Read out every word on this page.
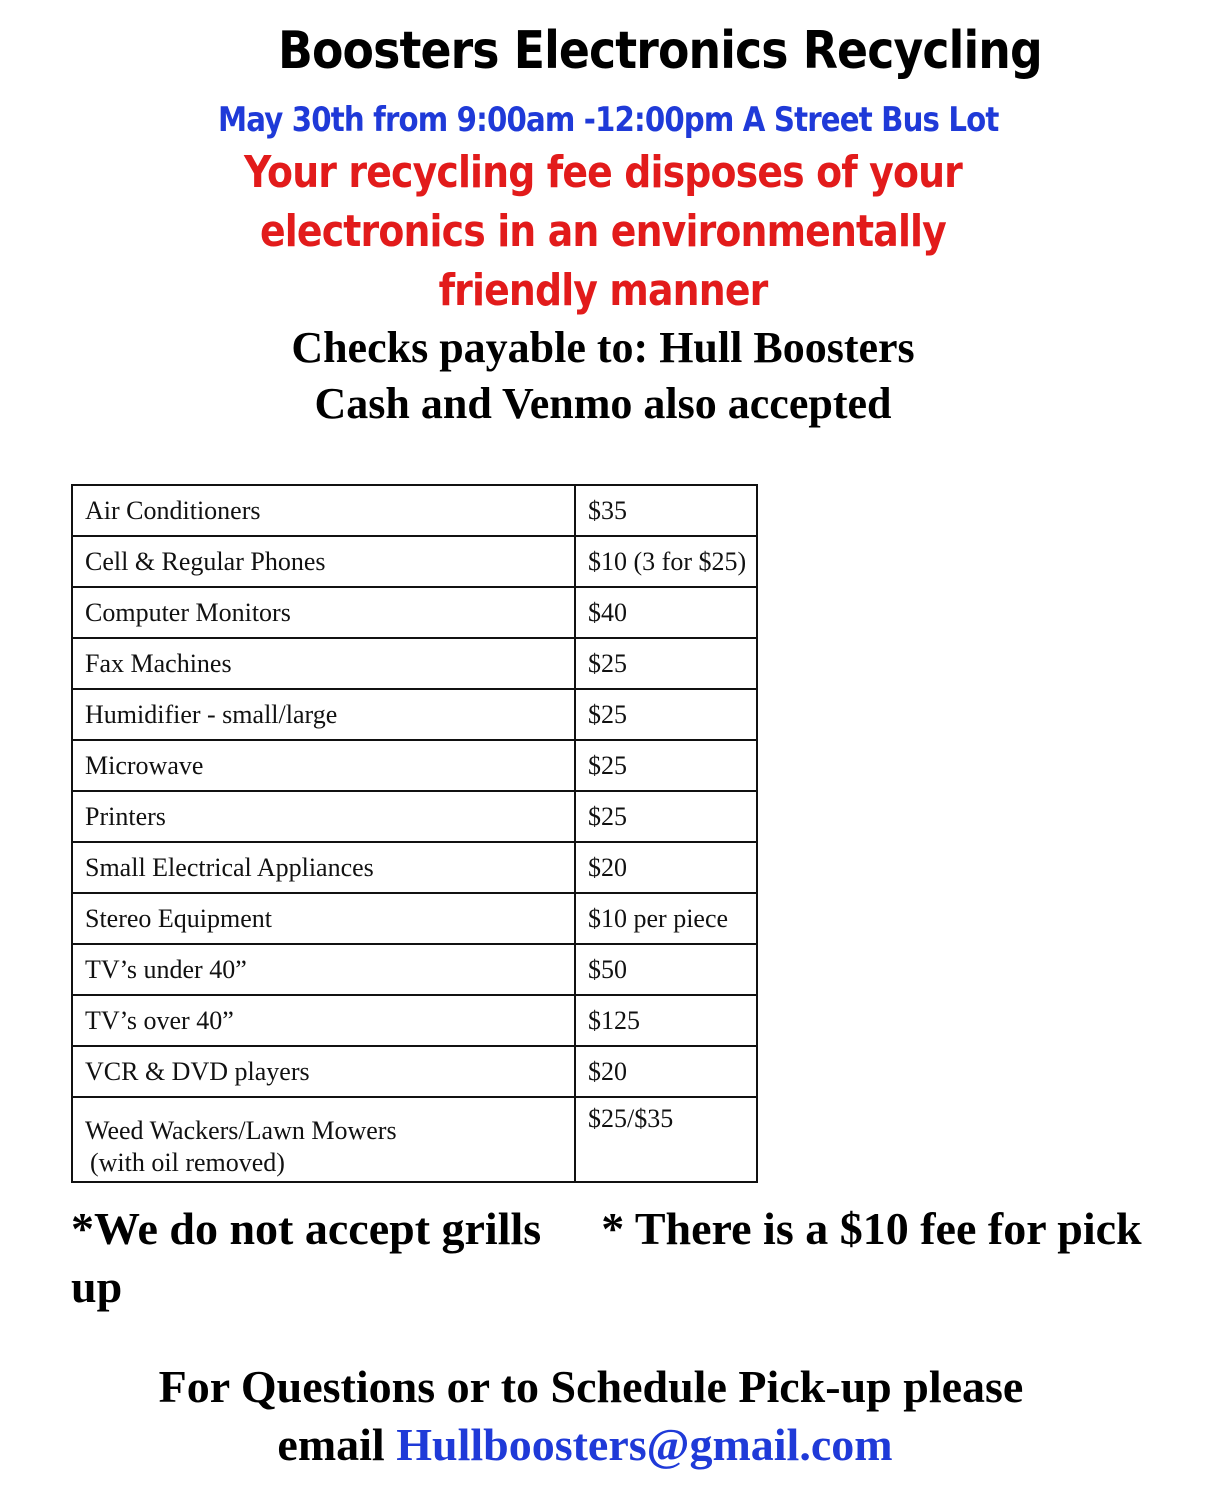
Boosters Electronics Recycling
May 30th from 9:00am -12:00pm A Street Bus Lot
Your recycling fee disposes of your
electronics in an environmentally
friendly manner
Checks payable to: Hull Boosters
Cash and Venmo also accepted
Air Conditioners	$35
Cell & Regular Phones	$10 (3 for $25)
Computer Monitors	$40
Fax Machines	$25
Humidifier - small/large	$25
Microwave	$25
Printers	$25
Small Electrical Appliances	$20
Stereo Equipment	$10 per piece
TV’s under 40”	$50
TV’s over 40”	$125
VCR & DVD players	$20
Weed Wackers/Lawn Mowers
(with oil removed)	$25/$35
*We do not accept grills * There is a $10 fee for pick up
For Questions or to Schedule Pick-up please
email Hullboosters@gmail.com
